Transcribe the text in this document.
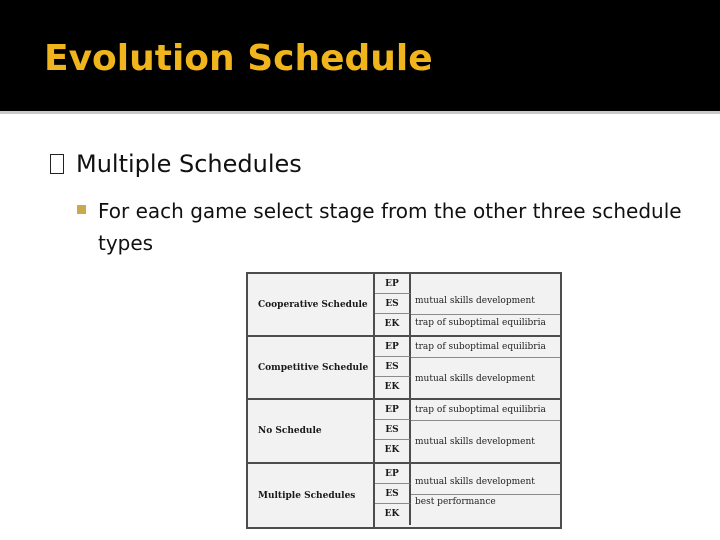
Evolution Schedule
Multiple Schedules
For each game select stage from the other three schedule types
Cooperative Schedule
EP
ES
EK
mutual skills development
trap of suboptimal equilibria
Competitive Schedule
EP
ES
EK
trap of suboptimal equilibria
mutual skills development
No Schedule
EP
ES
EK
trap of suboptimal equilibria
mutual skills development
Multiple Schedules
EP
ES
EK
mutual skills development
best performance
